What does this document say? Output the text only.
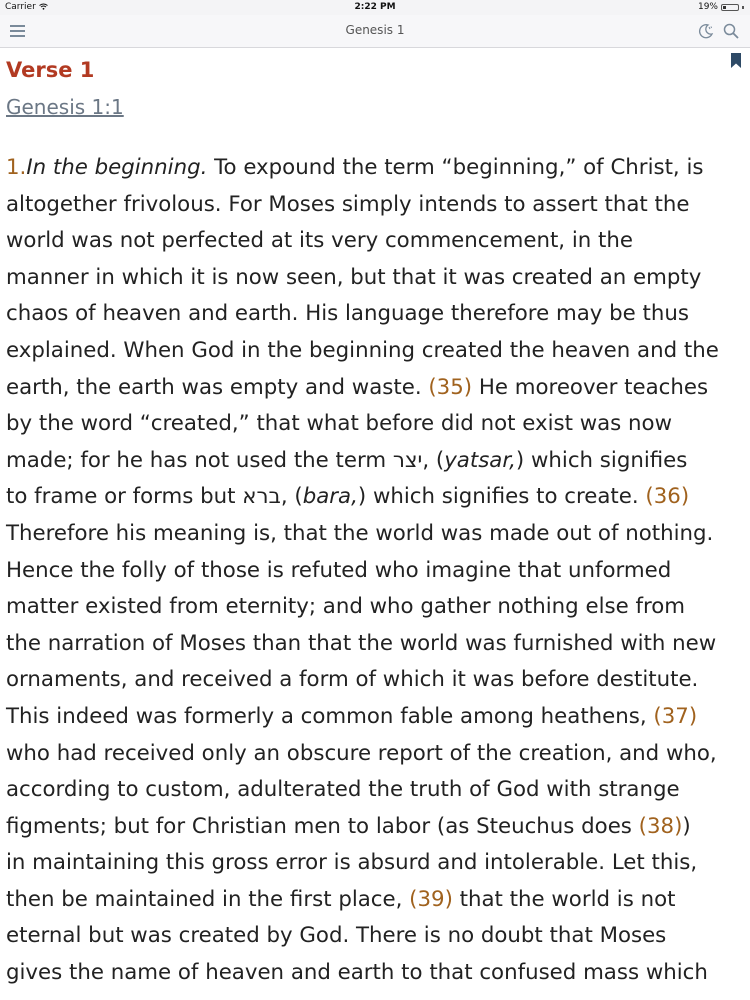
Carrier	2:22 PM	19%
Genesis 1
Verse 1
Genesis 1:1
1.In the beginning. To expound the term “beginning,” of Christ, is
altogether frivolous. For Moses simply intends to assert that the
world was not perfected at its very commencement, in the
manner in which it is now seen, but that it was created an empty
chaos of heaven and earth. His language therefore may be thus
explained. When God in the beginning created the heaven and the
earth, the earth was empty and waste. (35) He moreover teaches
by the word “created,” that what before did not exist was now
made; for he has not used the term יצר, (yatsar,) which signifies
to frame or forms but ברא, (bara,) which signifies to create. (36)
Therefore his meaning is, that the world was made out of nothing.
Hence the folly of those is refuted who imagine that unformed
matter existed from eternity; and who gather nothing else from
the narration of Moses than that the world was furnished with new
ornaments, and received a form of which it was before destitute.
This indeed was formerly a common fable among heathens, (37)
who had received only an obscure report of the creation, and who,
according to custom, adulterated the truth of God with strange
figments; but for Christian men to labor (as Steuchus does (38))
in maintaining this gross error is absurd and intolerable. Let this,
then be maintained in the first place, (39) that the world is not
eternal but was created by God. There is no doubt that Moses
gives the name of heaven and earth to that confused mass which
